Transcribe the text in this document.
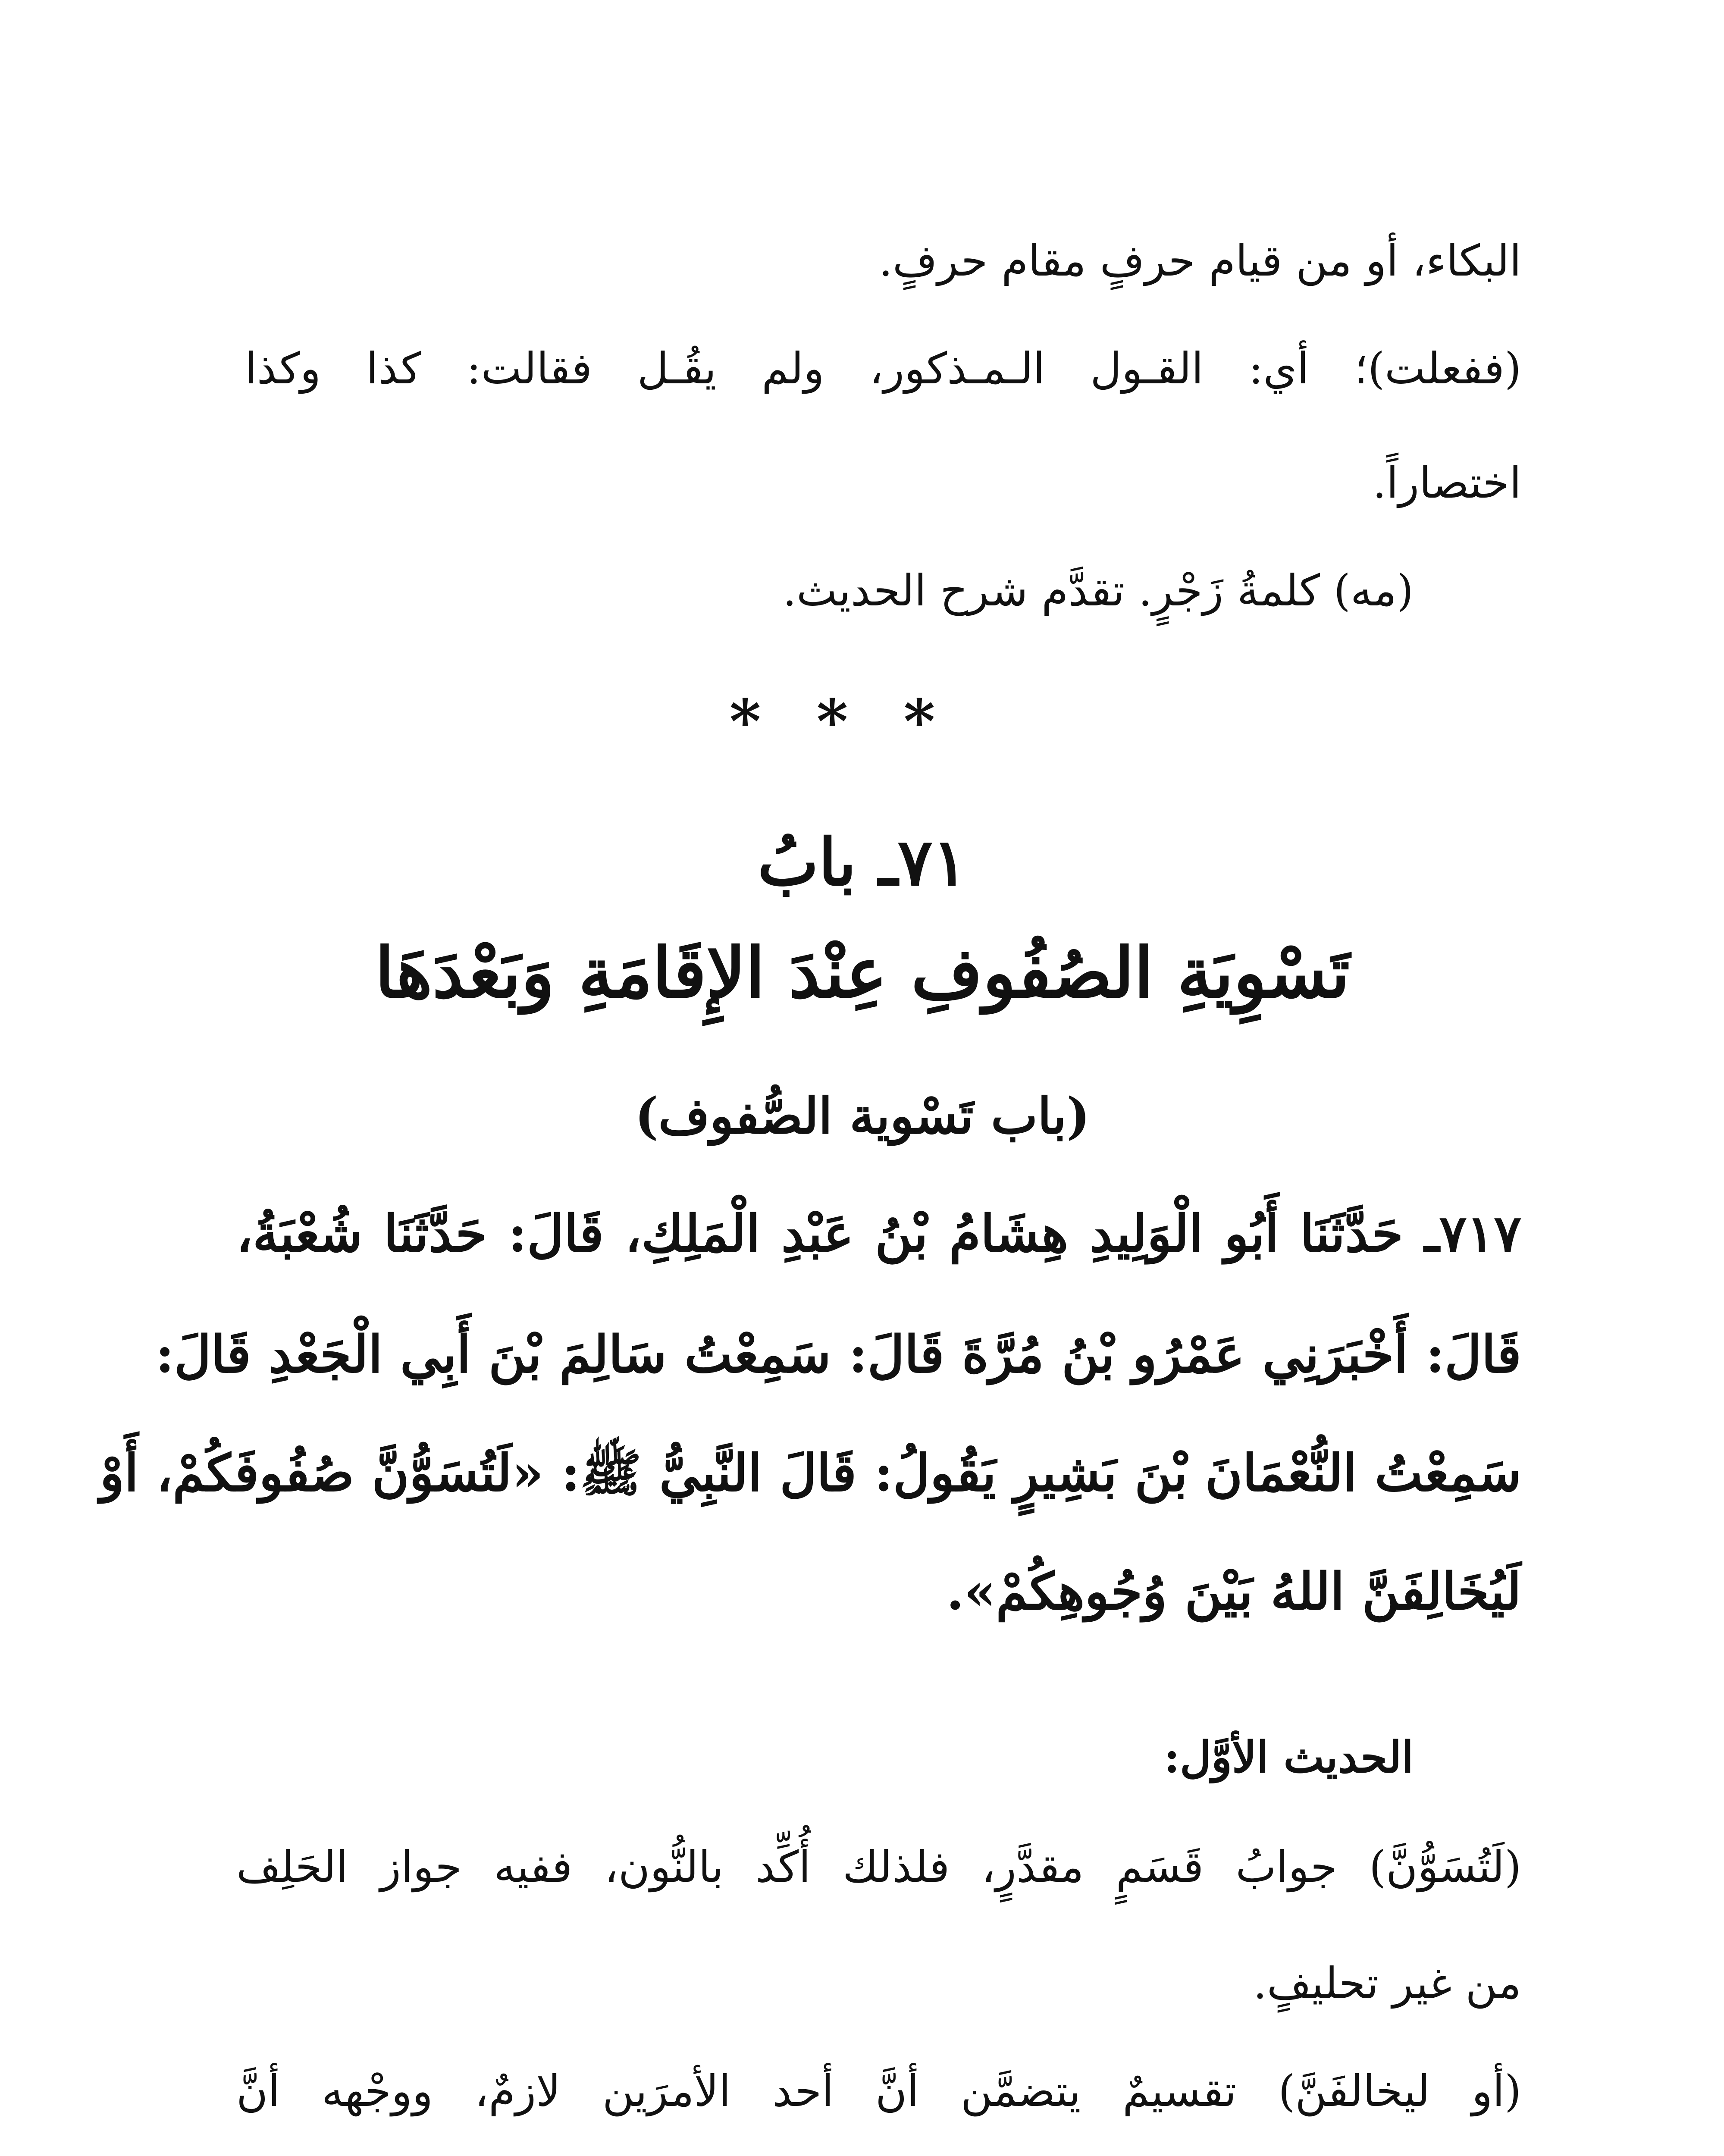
البكاء، أو من قيام حرفٍ مقام حرفٍ.
(ففعلت)؛ أي: القـول الـمـذكور، ولم يقُـل فقالت: كذا وكذا
اختصاراً.
(مه) كلمةُ زَجْرٍ. تقدَّم شرح الحديث.
* * *
٧١ـ بابُ
تَسْوِيَةِ الصُفُوفِ عِنْدَ الإِقَامَةِ وَبَعْدَهَا
(باب تَسْوية الصُّفوف)
٧١٧ـ حَدَّثَنَا أَبُو الْوَلِيدِ هِشَامُ بْنُ عَبْدِ الْمَلِكِ، قَالَ: حَدَّثَنَا شُعْبَةُ،
قَالَ: أَخْبَرَنِي عَمْرُو بْنُ مُرَّةَ قَالَ: سَمِعْتُ سَالِمَ بْنَ أَبِي الْجَعْدِ قَالَ:
سَمِعْتُ النُّعْمَانَ بْنَ بَشِيرٍ يَقُولُ: قَالَ النَّبِيُّ ﷺ: «لَتُسَوُّنَّ صُفُوفَكُمْ، أَوْ
لَيُخَالِفَنَّ اللهُ بَيْنَ وُجُوهِكُمْ».
الحديث الأوَّل:
(لَتُسَوُّنَّ) جوابُ قَسَمٍ مقدَّرٍ، فلذلك أُكِّد بالنُّون، ففيه جواز الحَلِف
من غير تحليفٍ.
(أو ليخالفَنَّ) تقسيمٌ يتضمَّن أنَّ أحد الأمرَين لازمٌ، ووجْهه أنَّ
